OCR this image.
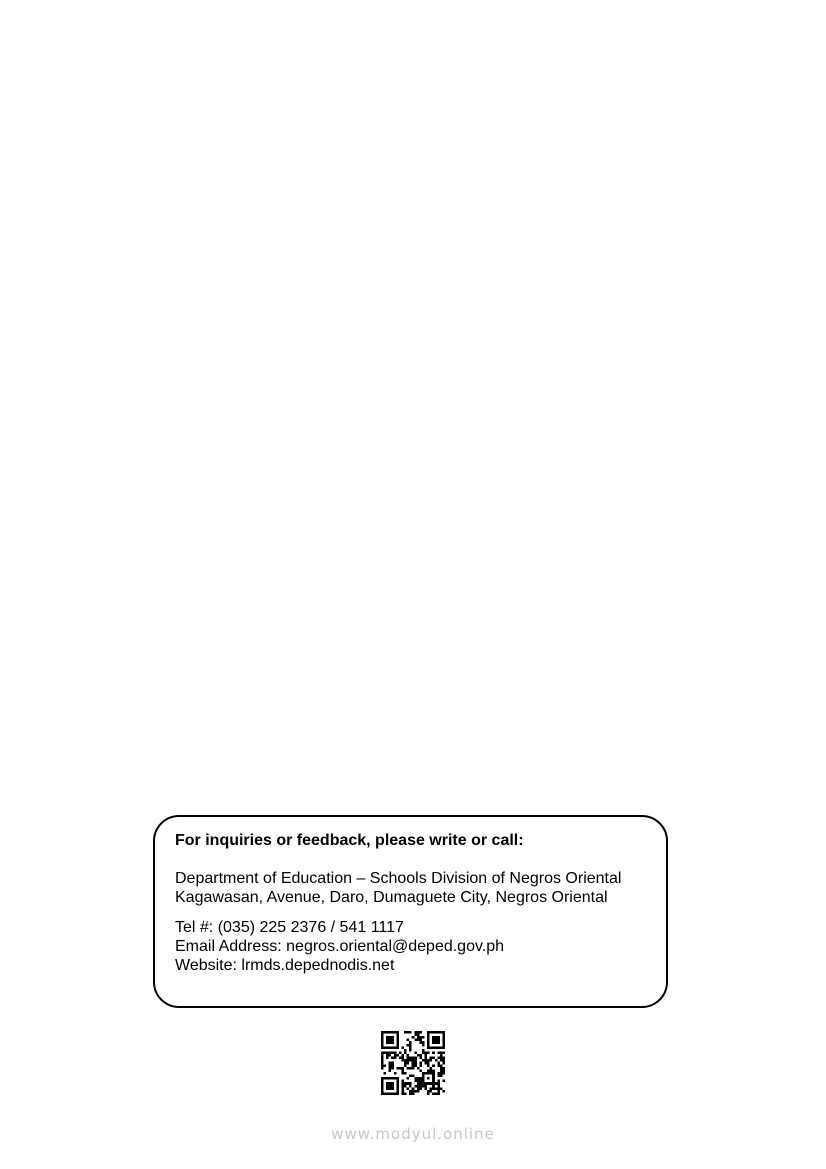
For inquiries or feedback, please write or call:
Department of Education – Schools Division of Negros Oriental
Kagawasan, Avenue, Daro, Dumaguete City, Negros Oriental
Tel #: (035) 225 2376 / 541 1117
Email Address: negros.oriental@deped.gov.ph
Website: lrmds.depednodis.net
www.modyul.online
